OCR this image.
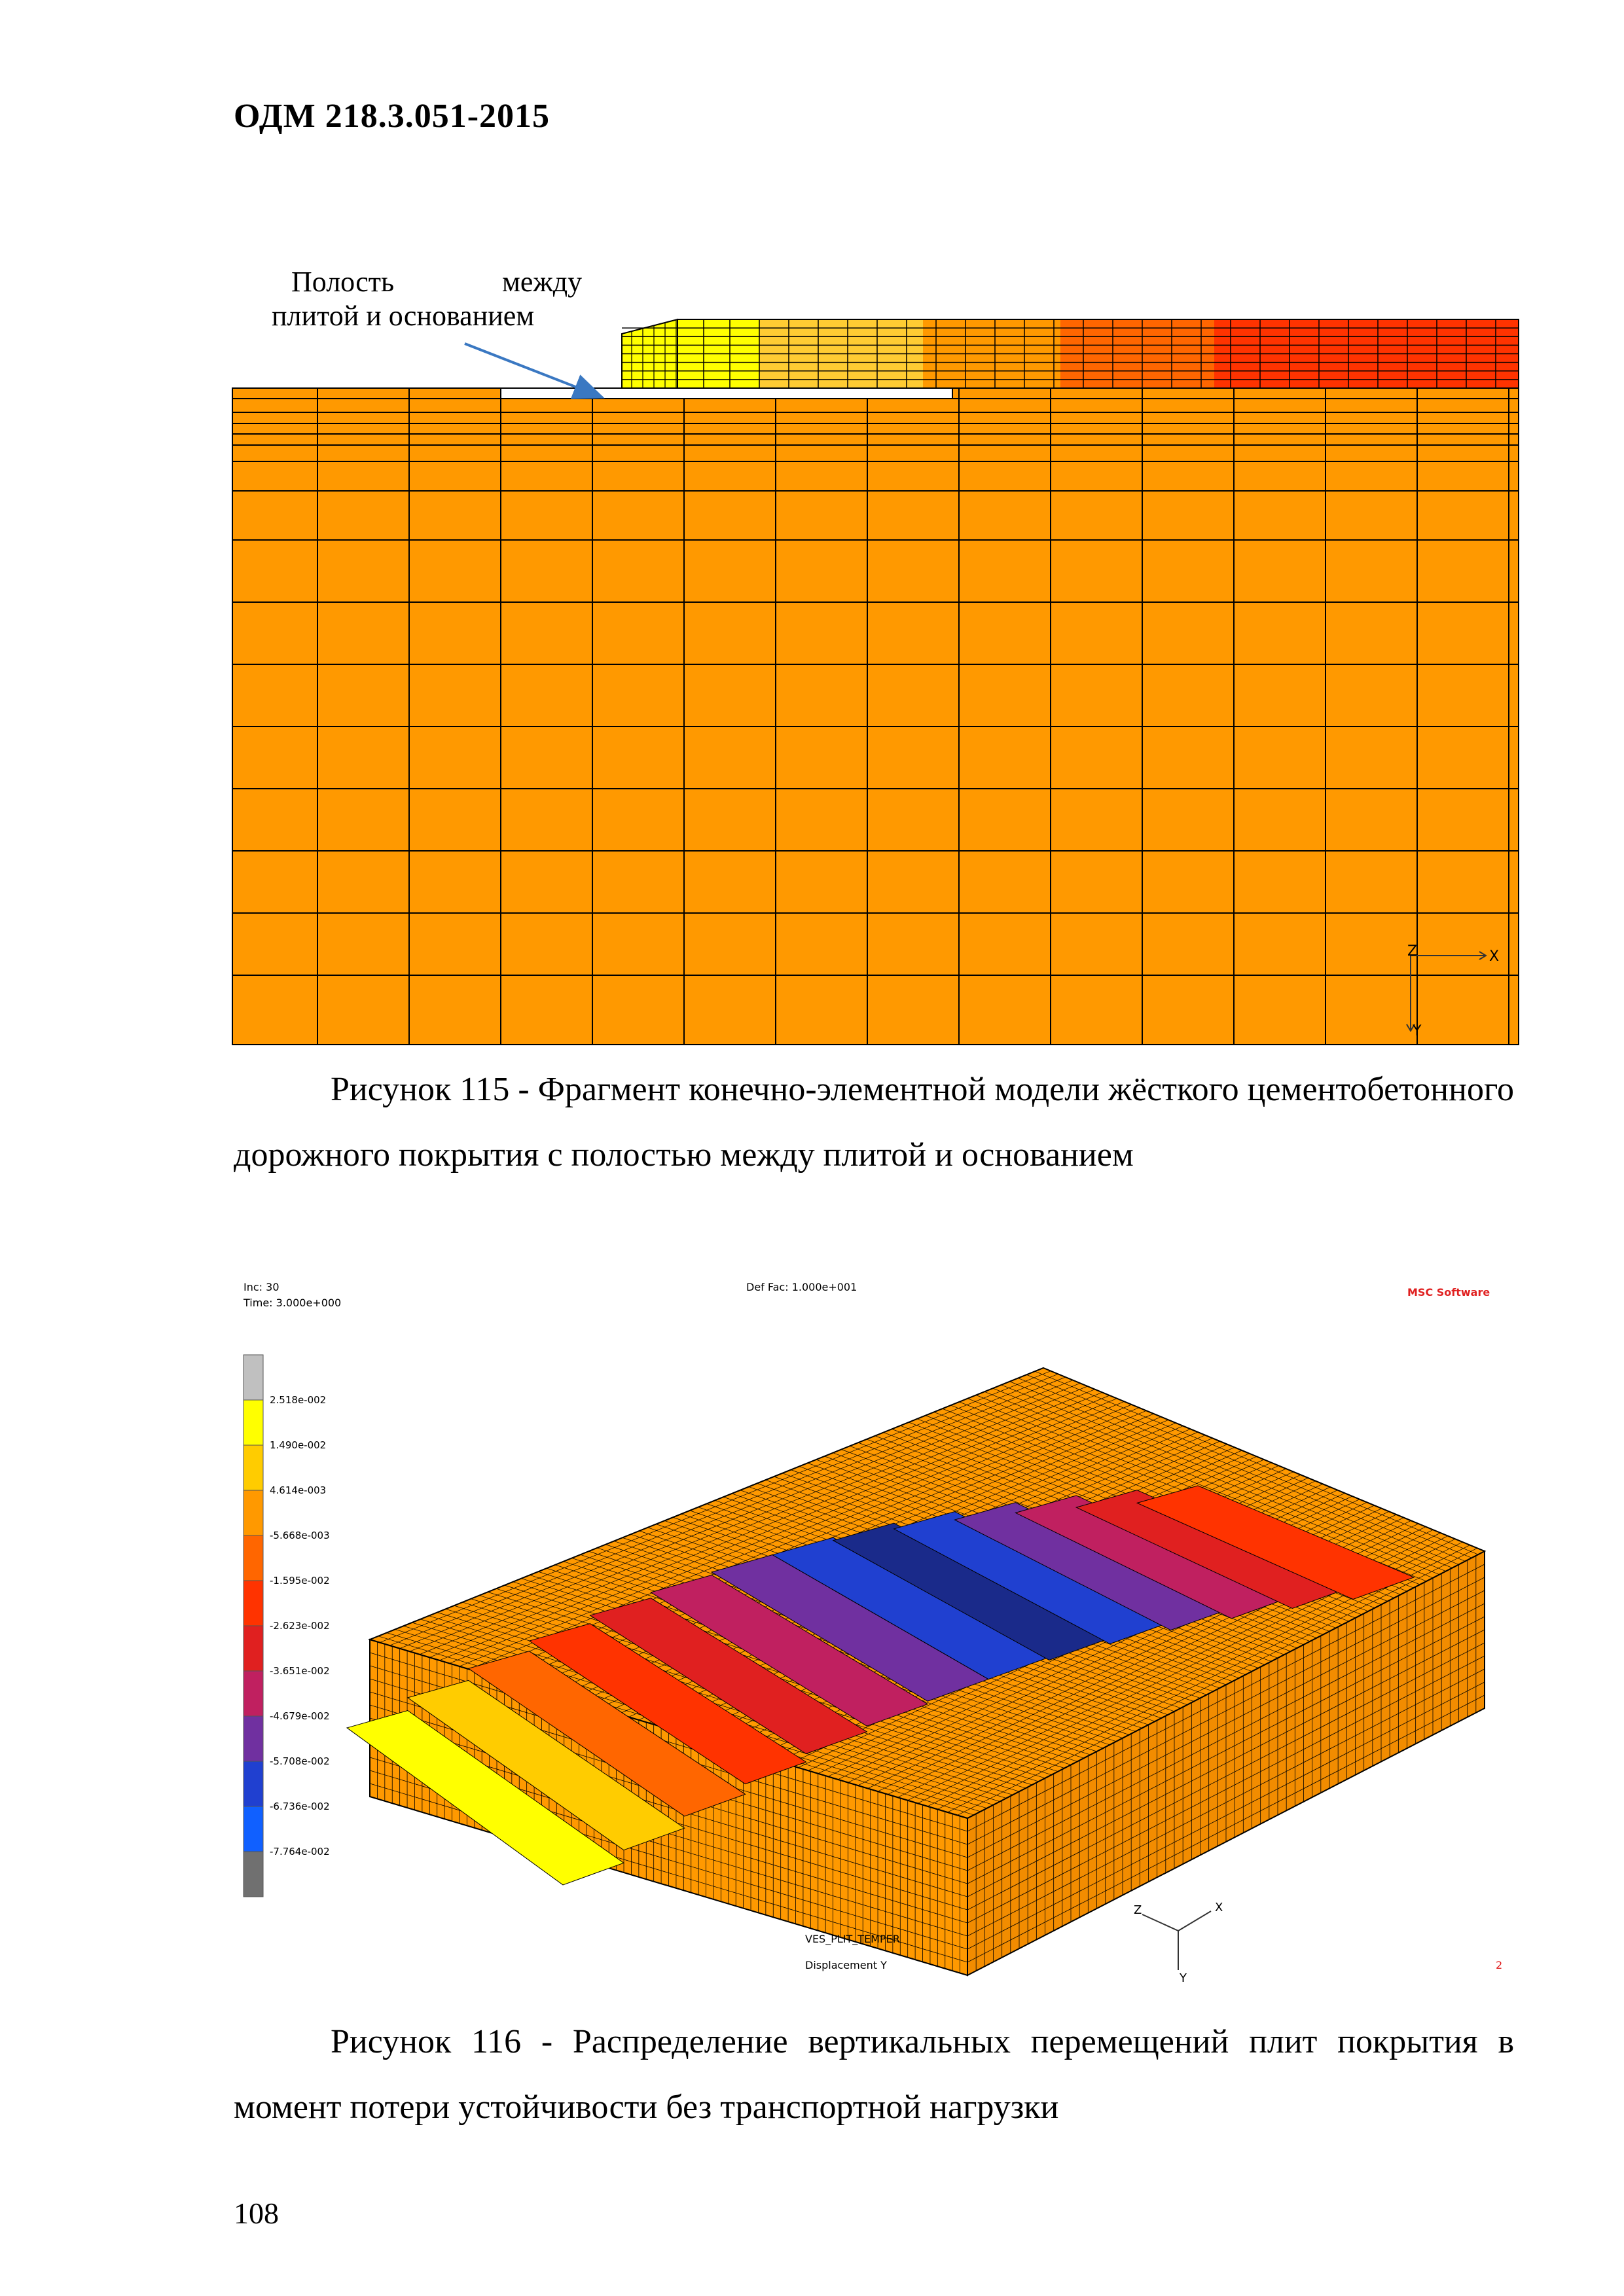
ОДМ 218.3.051-2015
Полость	между
плитой и основанием
X
Z
Y

Рисунок 115 - Фрагмент конечно-элементной модели жёсткого цементобетонного дорожного покрытия с полостью между плитой и основанием

Inc: 30
Time: 3.000e+000
Def Fac: 1.000e+001	MSC Software
2.518e-002
1.490e-002
4.614e-003
-5.668e-003
-1.595e-002
-2.623e-002
-3.651e-002
-4.679e-002
-5.708e-002
-6.736e-002
-7.764e-002
X
Z
Y
VES_PLIT_TEMPER
Displacement Y	2

Рисунок 116 - Распределение вертикальных перемещений плит покрытия в момент потери устойчивости без транспортной нагрузки

108
